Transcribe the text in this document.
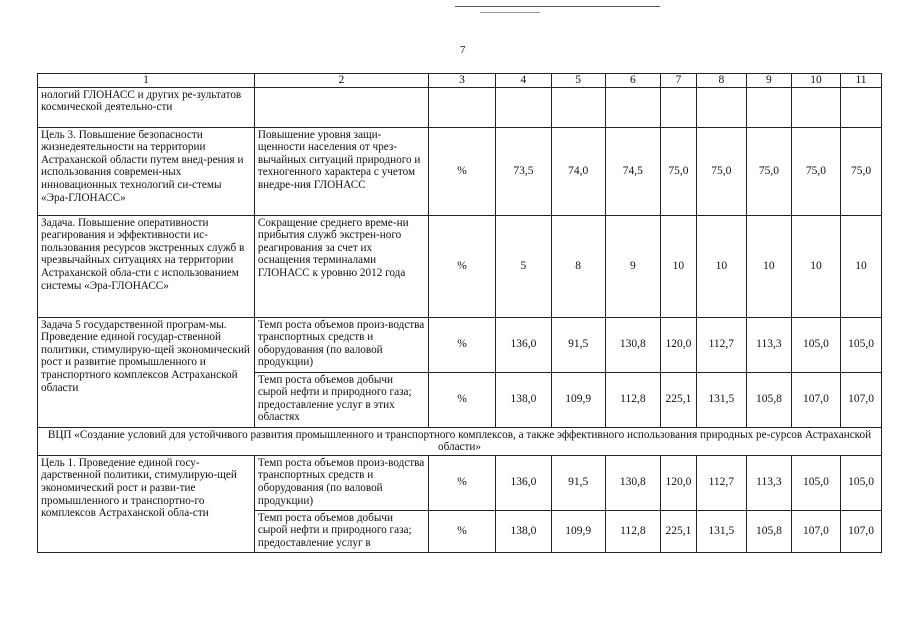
7
1	2	3	4	5	6	7	8	9	10	11
нологий ГЛОНАСС и других ре-зультатов космической деятельно-сти										
Цель 3. Повышение безопасности жизнедеятельности на территории Астраханской области путем внед-рения и использования современ-ных инновационных технологий си-стемы «Эра-ГЛОНАСС»	Повышение уровня защи-щенности населения от чрез-вычайных ситуаций природного и техногенного характера с учетом внедре-ния ГЛОНАСС	%	73,5	74,0	74,5	75,0	75,0	75,0	75,0	75,0
Задача. Повышение оперативности реагирования и эффективности ис-пользования ресурсов экстренных служб в чрезвычайных ситуациях на территории Астраханской обла-сти с использованием системы «Эра-ГЛОНАСС»	Сокращение среднего време-ни прибытия служб экстрен-ного реагирования за счет их оснащения терминалами ГЛОНАСС к уровню 2012 года	%	5	8	9	10	10	10	10	10
Задача 5 государственной програм-мы. Проведение единой государ-ственной политики, стимулирую-щей экономический рост и развитие промышленного и транспортного комплексов Астраханской области	Темп роста объемов произ-водства транспортных средств и оборудования (по валовой продукции)	%	136,0	91,5	130,8	120,0	112,7	113,3	105,0	105,0
	Темп роста объемов добычи сырой нефти и природного газа; предоставление услуг в этих областях	%	138,0	109,9	112,8	225,1	131,5	105,8	107,0	107,0
ВЦП «Создание условий для устойчивого развития промышленного и транспортного комплексов, а также эффективного использования природных ре-сурсов Астраханской области»										
Цель 1. Проведение единой госу-дарственной политики, стимулирую-щей экономический рост и разви-тие промышленного и транспортно-го комплексов Астраханской обла-сти	Темп роста объемов произ-водства транспортных средств и оборудования (по валовой продукции)	%	136,0	91,5	130,8	120,0	112,7	113,3	105,0	105,0
	Темп роста объемов добычи сырой нефти и природного газа; предоставление услуг в	%	138,0	109,9	112,8	225,1	131,5	105,8	107,0	107,0
